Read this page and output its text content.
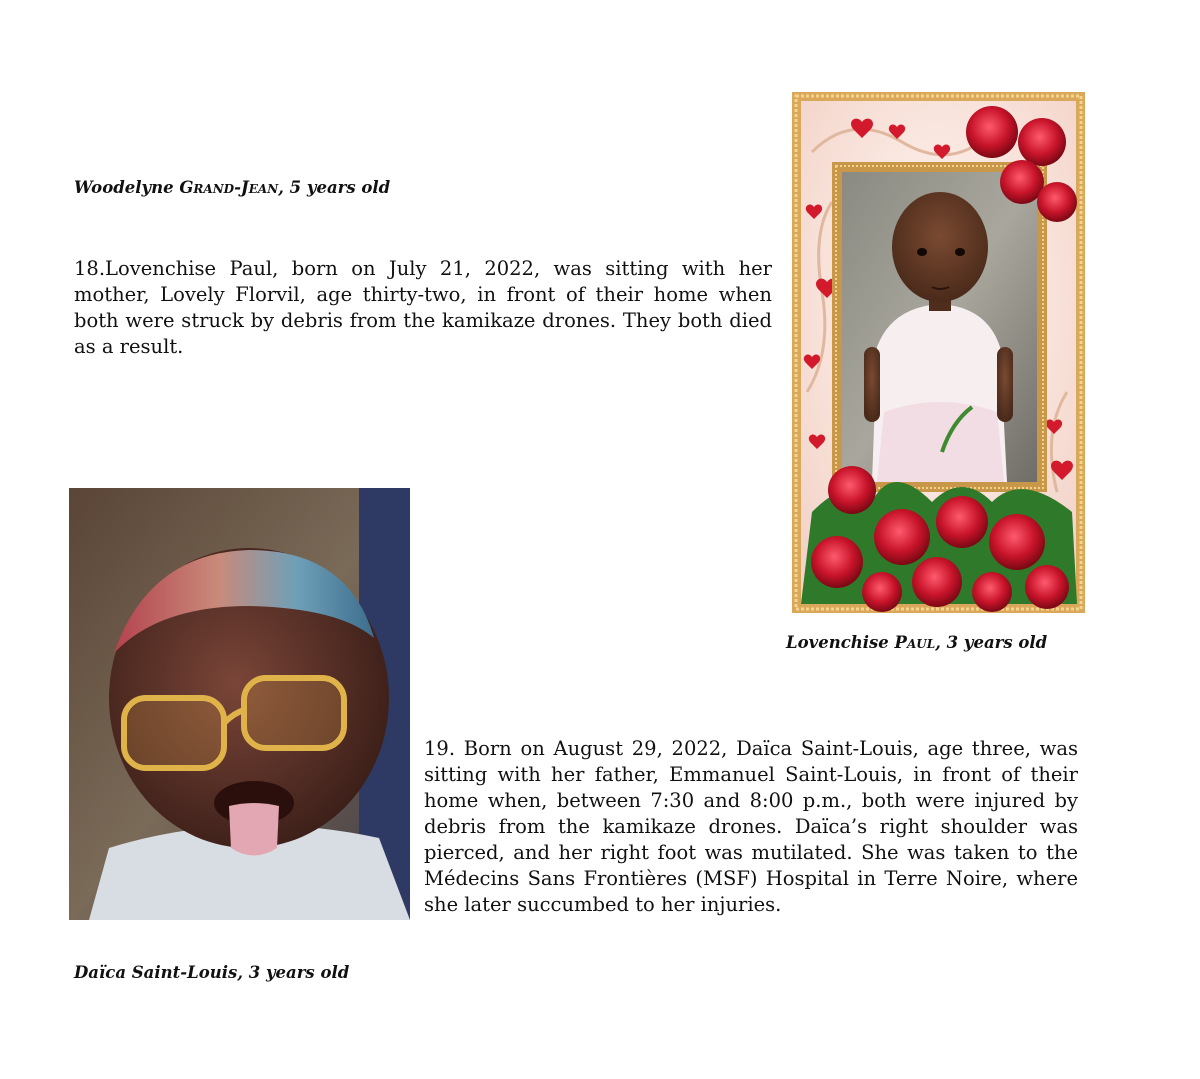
Woodelyne Grand-Jean, 5 years old

18.Lovenchise Paul, born on July 21, 2022, was sitting with her mother, Lovely Florvil, age thirty-two, in front of their home when both were struck by debris from the kamikaze drones. They both died as a result.

Lovenchise Paul, 3 years old

19. Born on August 29, 2022, Daïca Saint-Louis, age three, was sitting with her father, Emmanuel Saint-Louis, in front of their home when, between 7:30 and 8:00 p.m., both were injured by debris from the kamikaze drones. Daïca’s right shoulder was pierced, and her right foot was mutilated. She was taken to the Médecins Sans Frontières (MSF) Hospital in Terre Noire, where she later succumbed to her injuries.

Daïca Saint-Louis, 3 years old
